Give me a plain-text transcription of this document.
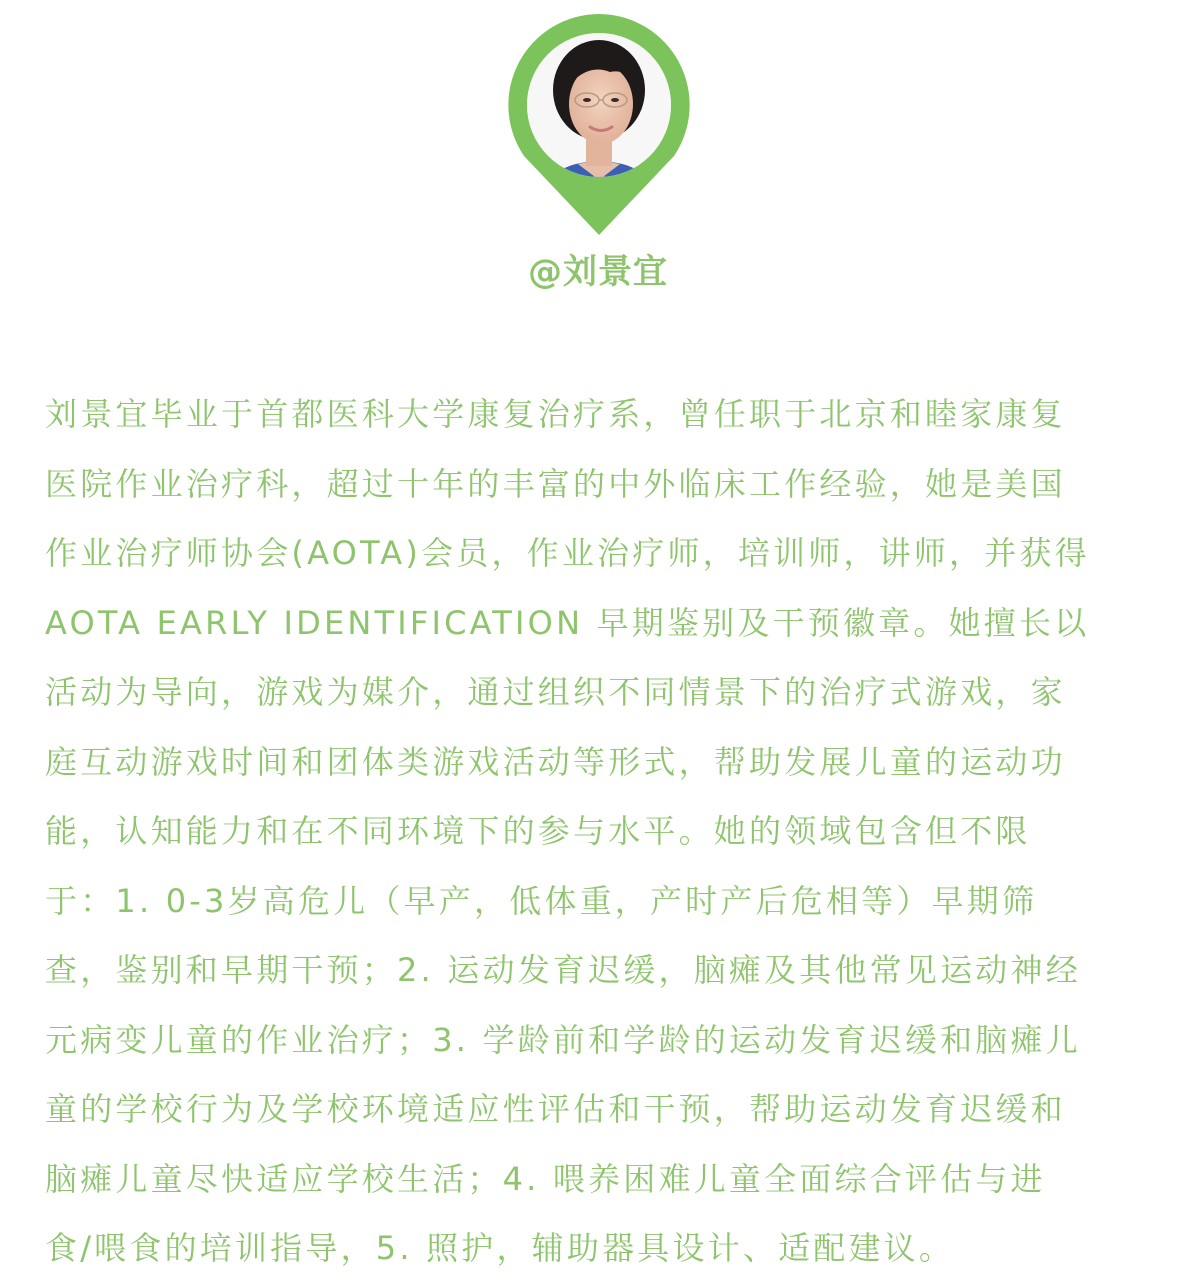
@刘景宜

刘景宜毕业于首都医科大学康复治疗系，曾任职于北京和睦家康复
医院作业治疗科，超过十年的丰富的中外临床工作经验，她是美国
作业治疗师协会(AOTA)会员，作业治疗师，培训师，讲师，并获得
AOTA EARLY IDENTIFICATION 早期鉴别及干预徽章。她擅长以
活动为导向，游戏为媒介，通过组织不同情景下的治疗式游戏，家
庭互动游戏时间和团体类游戏活动等形式，帮助发展儿童的运动功
能，认知能力和在不同环境下的参与水平。她的领域包含但不限
于：1. 0-3岁高危儿（早产，低体重，产时产后危相等）早期筛
查，鉴别和早期干预；2. 运动发育迟缓，脑瘫及其他常见运动神经
元病变儿童的作业治疗；3. 学龄前和学龄的运动发育迟缓和脑瘫儿
童的学校行为及学校环境适应性评估和干预，帮助运动发育迟缓和
脑瘫儿童尽快适应学校生活；4. 喂养困难儿童全面综合评估与进
食/喂食的培训指导，5. 照护，辅助器具设计、适配建议。
